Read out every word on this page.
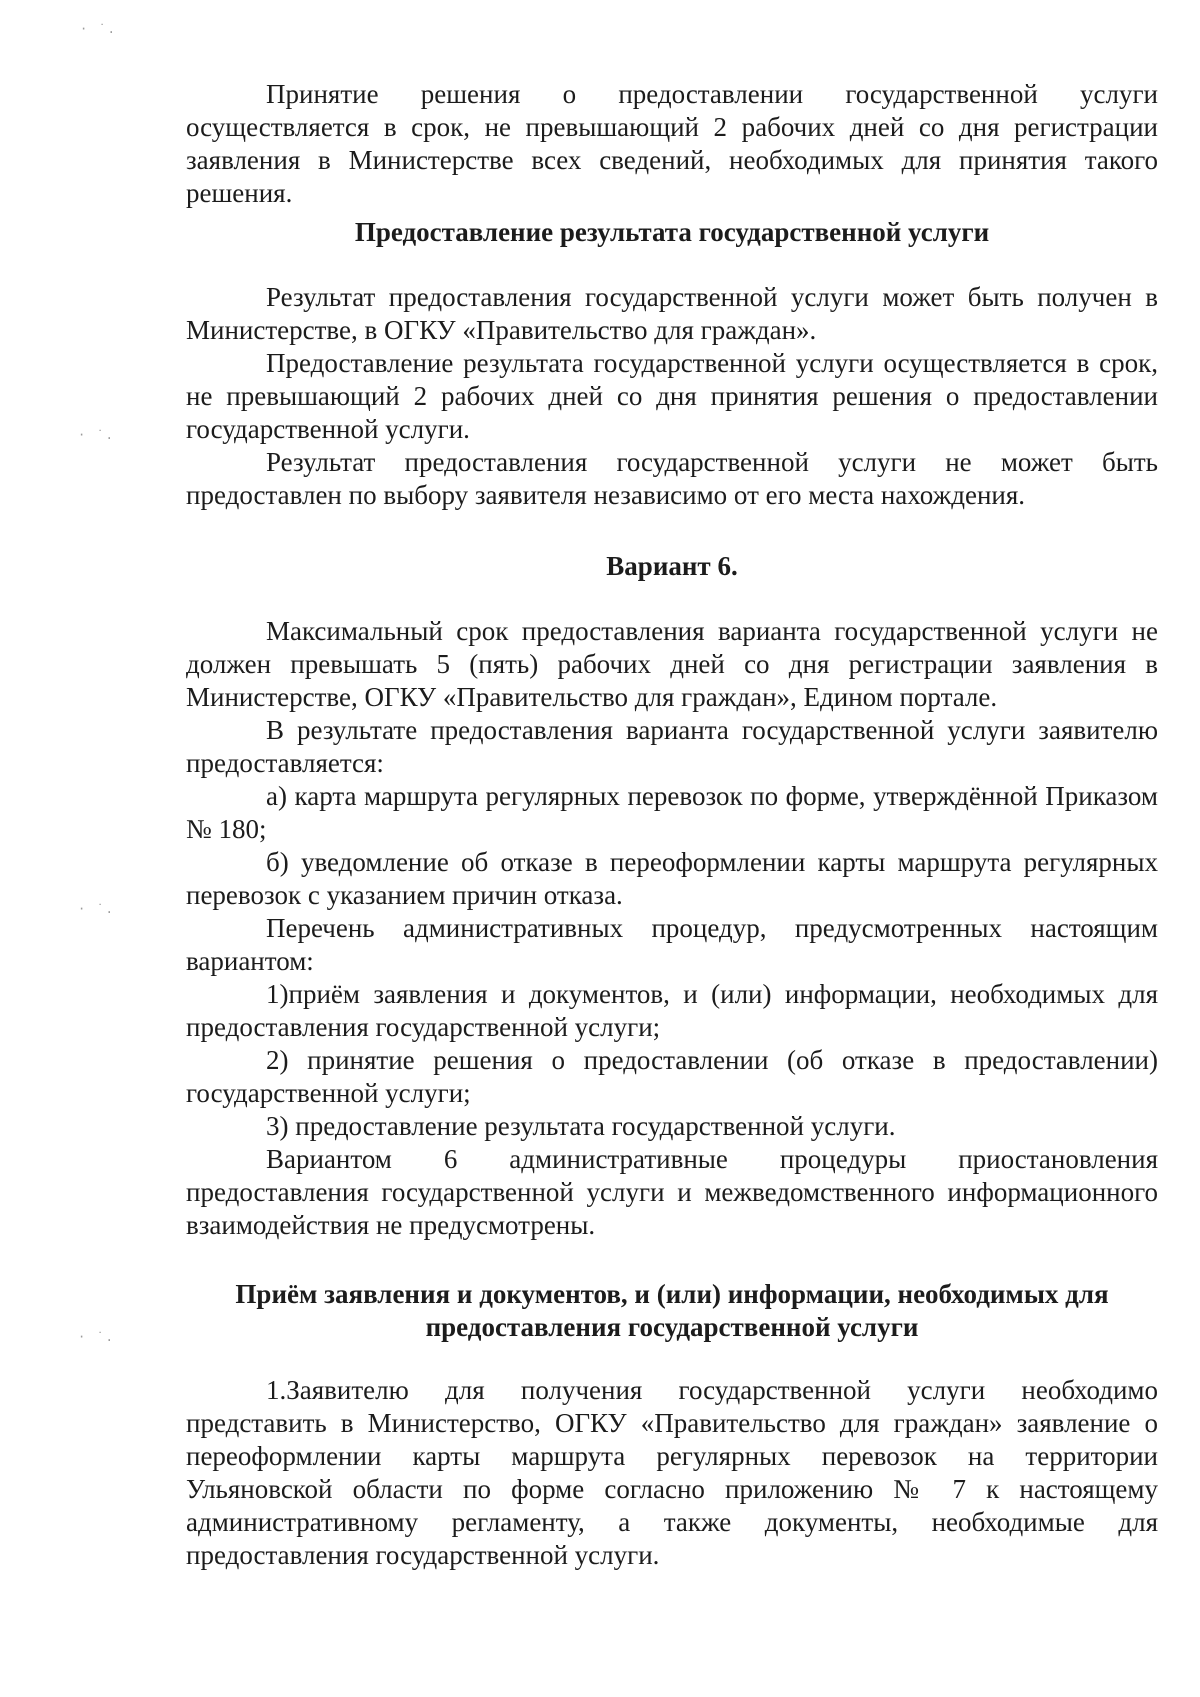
· ˙.
· ˙.
· ˙.
· ˙.

Принятие решения о предоставлении государственной услуги осуществляется в срок, не превышающий 2 рабочих дней со дня регистрации заявления в Министерстве всех сведений, необходимых для принятия такого решения.

Предоставление результата государственной услуги

Результат предоставления государственной услуги может быть получен в Министерстве, в ОГКУ «Правительство для граждан».

Предоставление результата государственной услуги осуществляется в срок, не превышающий 2 рабочих дней со дня принятия решения о предоставлении государственной услуги.

Результат предоставления государственной услуги не может быть предоставлен по выбору заявителя независимо от его места нахождения.

Вариант 6.

Максимальный срок предоставления варианта государственной услуги не должен превышать 5 (пять) рабочих дней со дня регистрации заявления в Министерстве, ОГКУ «Правительство для граждан», Едином портале.

В результате предоставления варианта государственной услуги заявителю предоставляется:

а) карта маршрута регулярных перевозок по форме, утверждённой Приказом № 180;

б) уведомление об отказе в переоформлении карты маршрута регулярных перевозок с указанием причин отказа.

Перечень административных процедур, предусмотренных настоящим вариантом:

1)приём заявления и документов, и (или) информации, необходимых для предоставления государственной услуги;

2) принятие решения о предоставлении (об отказе в предоставлении) государственной услуги;

3) предоставление результата государственной услуги.

Вариантом 6 административные процедуры приостановления предоставления государственной услуги и межведомственного информационного взаимодействия не предусмотрены.

Приём заявления и документов, и (или) информации, необходимых для предоставления государственной услуги

1.Заявителю для получения государственной услуги необходимо представить в Министерство, ОГКУ «Правительство для граждан» заявление о переоформлении карты маршрута регулярных перевозок на территории Ульяновской области по форме согласно приложению № 7 к настоящему административному регламенту, а также документы, необходимые для предоставления государственной услуги.
